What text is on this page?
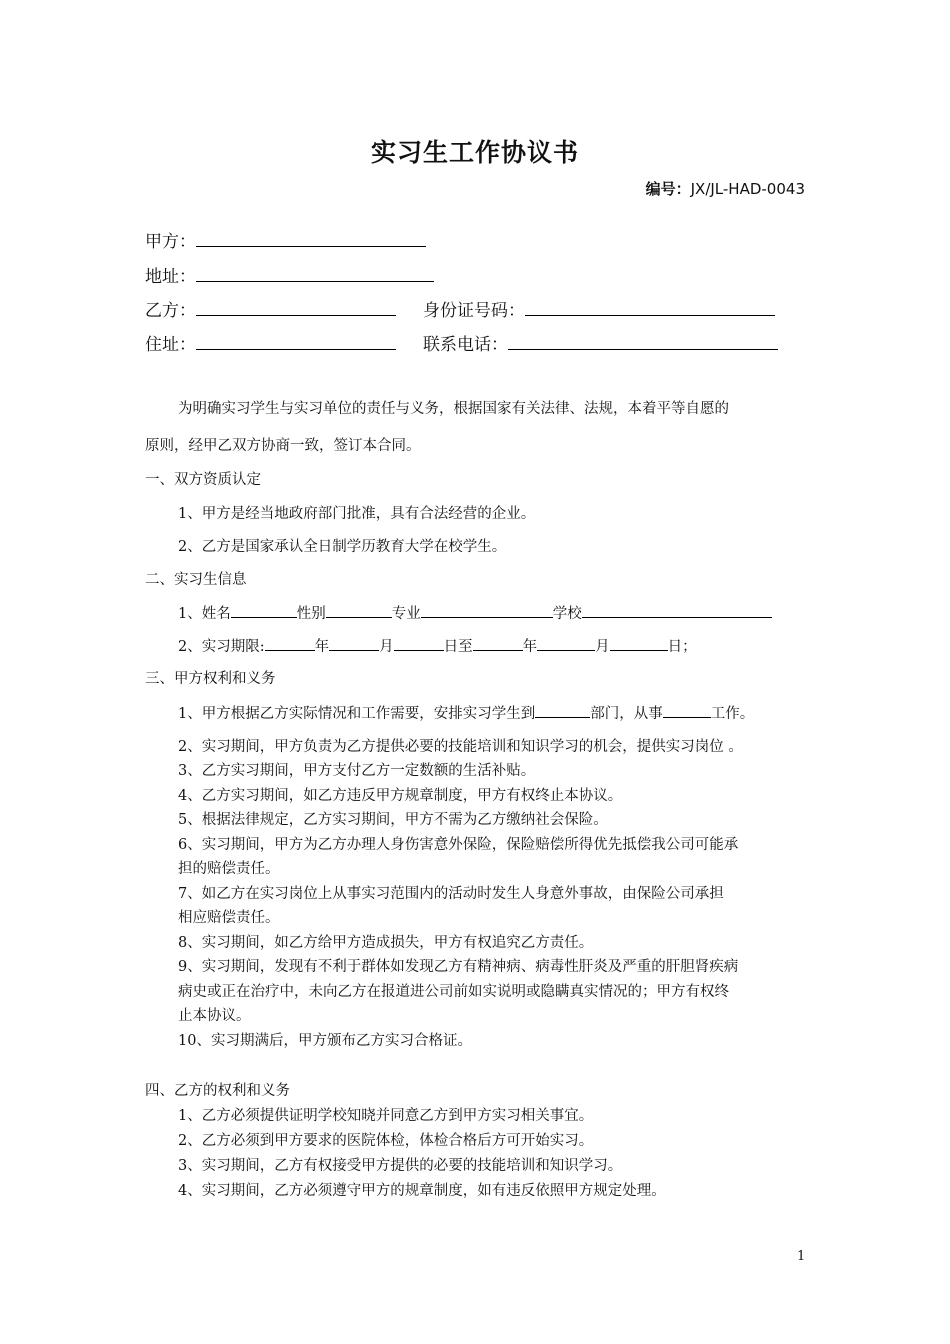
实习生工作协议书
编号：JX/JL-HAD-0043
甲方：
地址：
乙方：	身份证号码：
住址：	联系电话：
为明确实习学生与实习单位的责任与义务，根据国家有关法律、法规，本着平等自愿的
原则，经甲乙双方协商一致，签订本合同。
一、双方资质认定
1、甲方是经当地政府部门批准，具有合法经营的企业。
2、乙方是国家承认全日制学历教育大学在校学生。
二、实习生信息
1、姓名	性别	专业	学校
2、实习期限:	年	月	日至	年	月	日；
三、甲方权利和义务
1、甲方根据乙方实际情况和工作需要，安排实习学生到	部门，从事	工作。
2、实习期间，甲方负责为乙方提供必要的技能培训和知识学习的机会，提供实习岗位 。
3、乙方实习期间，甲方支付乙方一定数额的生活补贴。
4、乙方实习期间，如乙方违反甲方规章制度，甲方有权终止本协议。
5、根据法律规定，乙方实习期间，甲方不需为乙方缴纳社会保险。
6、实习期间，甲方为乙方办理人身伤害意外保险，保险赔偿所得优先抵偿我公司可能承
担的赔偿责任。
7、如乙方在实习岗位上从事实习范围内的活动时发生人身意外事故，由保险公司承担
相应赔偿责任。
8、实习期间，如乙方给甲方造成损失，甲方有权追究乙方责任。
9、实习期间，发现有不利于群体如发现乙方有精神病、病毒性肝炎及严重的肝胆肾疾病
病史或正在治疗中，未向乙方在报道进公司前如实说明或隐瞒真实情况的；甲方有权终
止本协议。
10、实习期满后，甲方颁布乙方实习合格证。
四、乙方的权利和义务
1、乙方必须提供证明学校知晓并同意乙方到甲方实习相关事宜。
2、乙方必须到甲方要求的医院体检，体检合格后方可开始实习。
3、实习期间，乙方有权接受甲方提供的必要的技能培训和知识学习。
4、实习期间，乙方必须遵守甲方的规章制度，如有违反依照甲方规定处理。
1
